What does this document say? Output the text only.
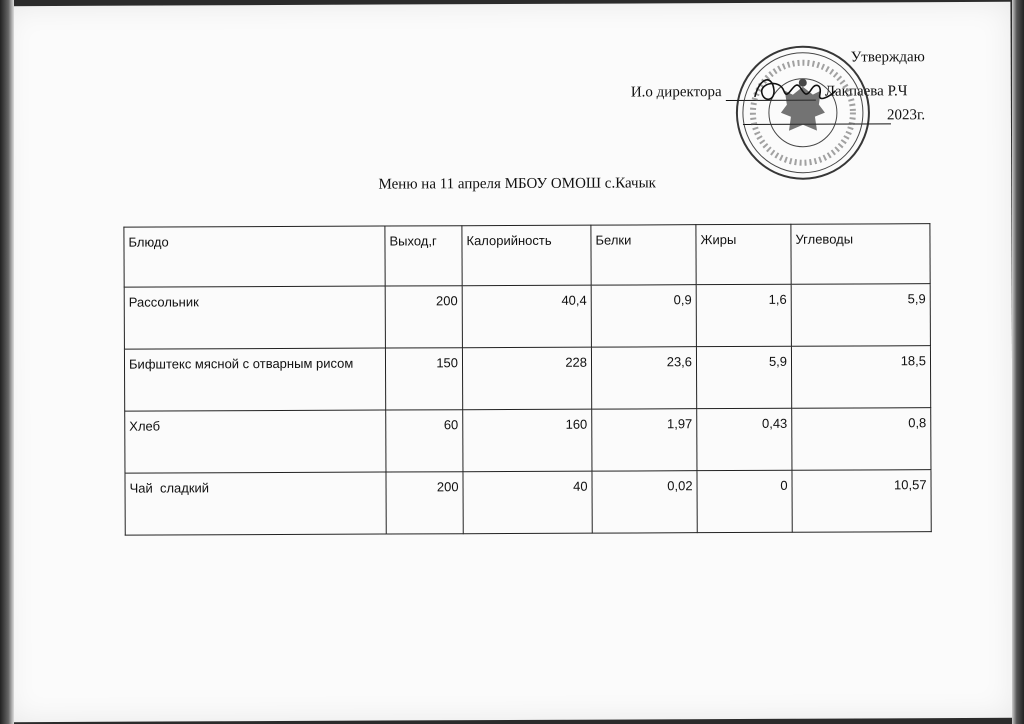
Утверждаю
И.о директора	Лакпаева Р.Ч
2023г.
Меню на 11 апреля МБОУ ОМОШ с.Качык
Блюдо	Выход,г	Калорийность	Белки	Жиры	Углеводы
Рассольник	200	40,4	0,9	1,6	5,9
Бифштекс мясной с отварным рисом	150	228	23,6	5,9	18,5
Хлеб	60	160	1,97	0,43	0,8
Чай  сладкий	200	40	0,02	0	10,57
